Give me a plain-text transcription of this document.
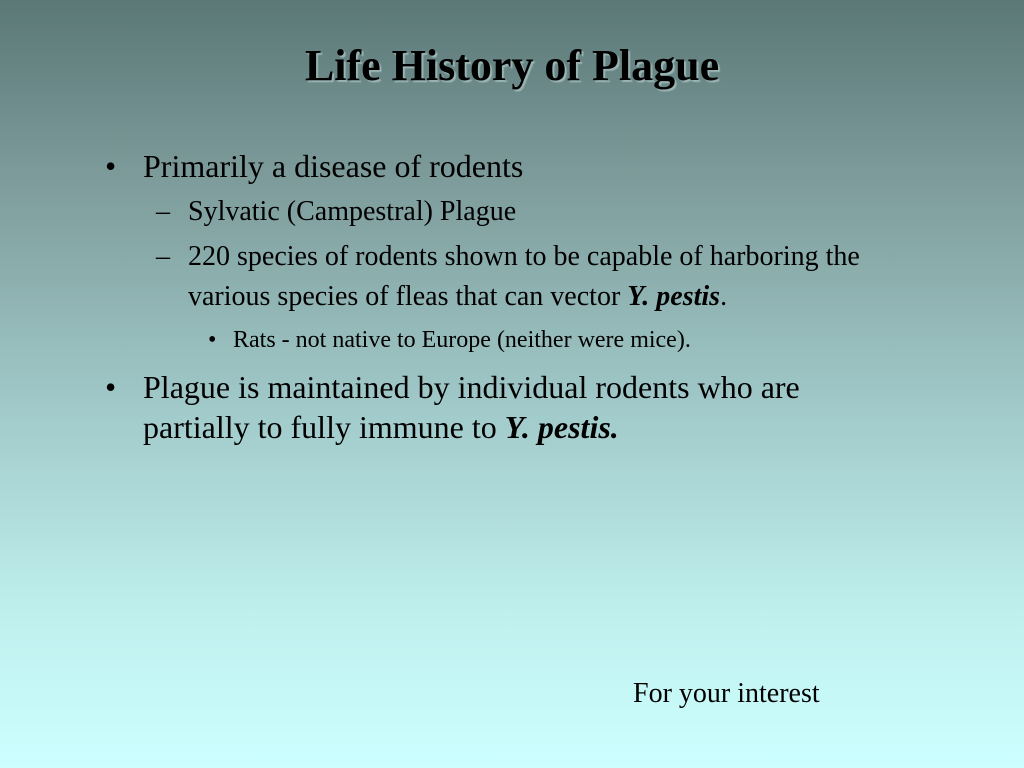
Life History of Plague
• Primarily a disease of rodents
– Sylvatic (Campestral) Plague
– 220 species of rodents shown to be capable of harboring the various species of fleas that can vector Y. pestis.
• Rats - not native to Europe (neither were mice).
• Plague is maintained by individual rodents who are partially to fully immune to Y. pestis.
For your interest
